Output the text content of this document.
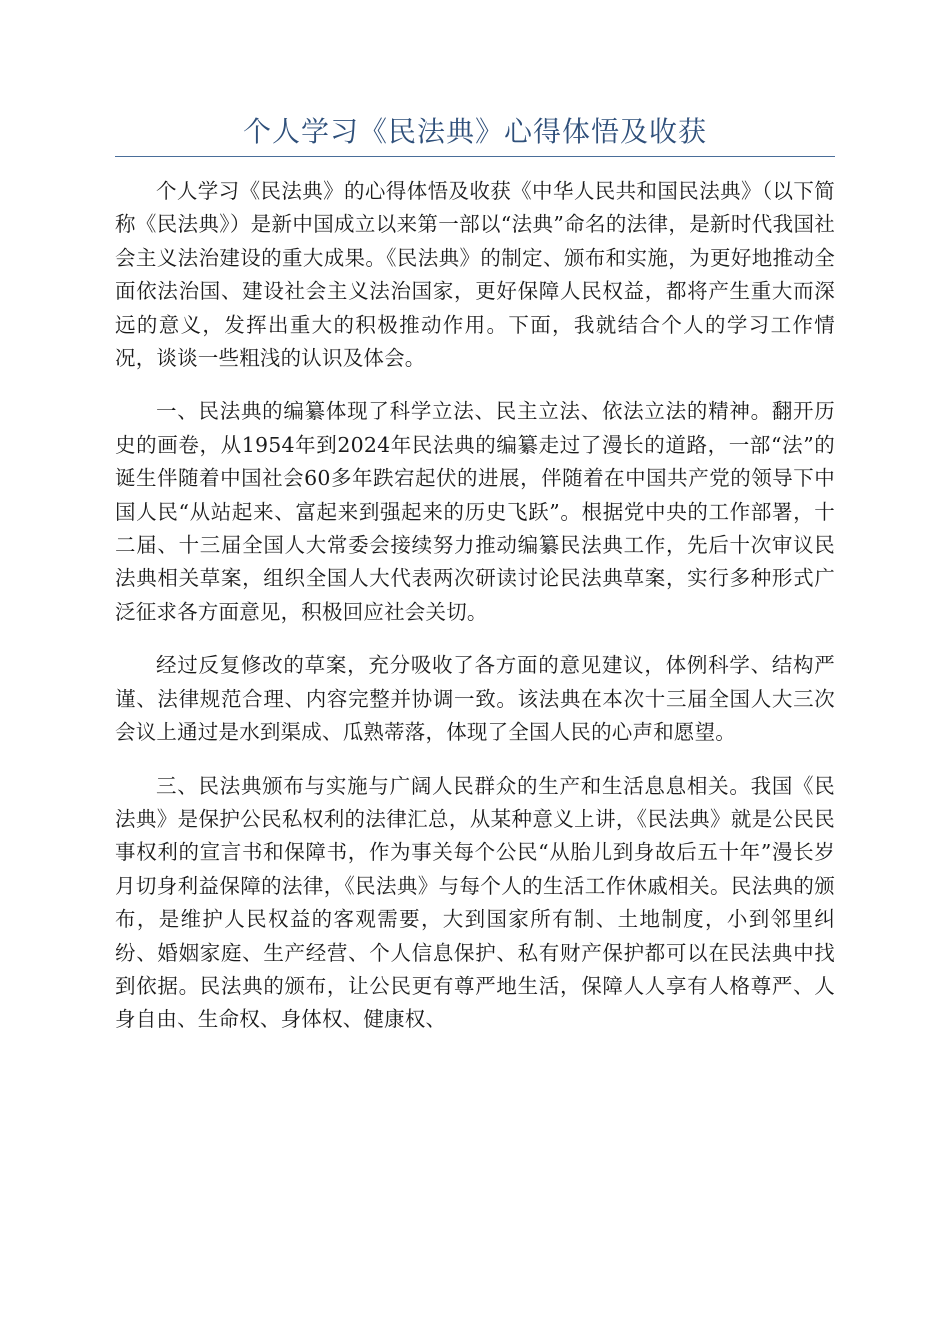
个人学习《民法典》心得体悟及收获

个人学习《民法典》的心得体悟及收获《中华人民共和国民法典》（以下简称《民法典》）是新中国成立以来第一部以“法典”命名的法律，是新时代我国社会主义法治建设的重大成果。《民法典》的制定、颁布和实施，为更好地推动全面依法治国、建设社会主义法治国家，更好保障人民权益，都将产生重大而深远的意义，发挥出重大的积极推动作用。下面，我就结合个人的学习工作情况，谈谈一些粗浅的认识及体会。

一、民法典的编纂体现了科学立法、民主立法、依法立法的精神。翻开历史的画卷，从1954年到2024年民法典的编纂走过了漫长的道路，一部“法”的诞生伴随着中国社会60多年跌宕起伏的进展，伴随着在中国共产党的领导下中国人民“从站起来、富起来到强起来的历史飞跃”。根据党中央的工作部署，十二届、十三届全国人大常委会接续努力推动编纂民法典工作，先后十次审议民法典相关草案，组织全国人大代表两次研读讨论民法典草案，实行多种形式广泛征求各方面意见，积极回应社会关切。

经过反复修改的草案，充分吸收了各方面的意见建议，体例科学、结构严谨、法律规范合理、内容完整并协调一致。该法典在本次十三届全国人大三次会议上通过是水到渠成、瓜熟蒂落，体现了全国人民的心声和愿望。

三、民法典颁布与实施与广阔人民群众的生产和生活息息相关。我国《民法典》是保护公民私权利的法律汇总，从某种意义上讲，《民法典》就是公民民事权利的宣言书和保障书，作为事关每个公民“从胎儿到身故后五十年”漫长岁月切身利益保障的法律，《民法典》与每个人的生活工作休戚相关。民法典的颁布，是维护人民权益的客观需要，大到国家所有制、土地制度，小到邻里纠纷、婚姻家庭、生产经营、个人信息保护、私有财产保护都可以在民法典中找到依据。民法典的颁布，让公民更有尊严地生活，保障人人享有人格尊严、人身自由、生命权、身体权、健康权、
